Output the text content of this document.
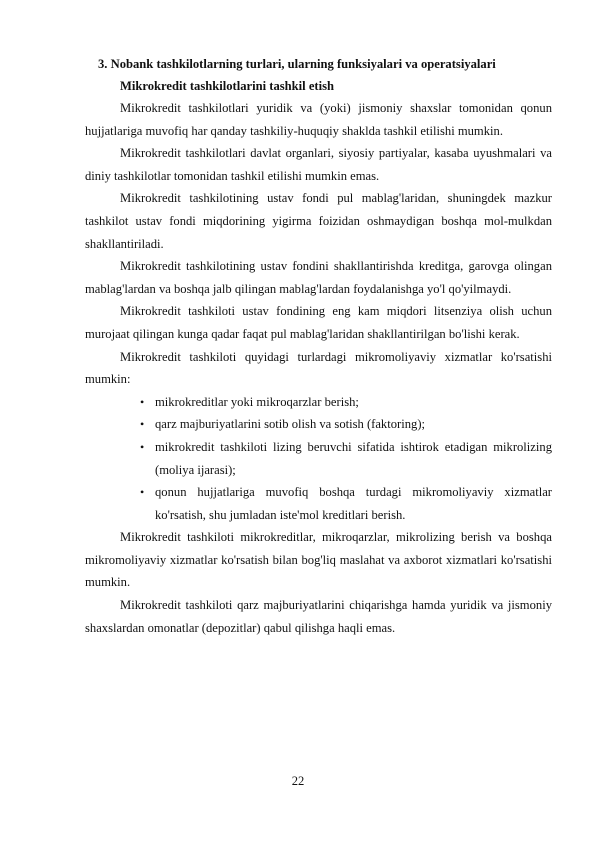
3. Nobank tashkilotlarning turlari, ularning funksiyalari va operatsiyalari
Mikrokredit tashkilotlarini tashkil etish

Mikrokredit tashkilotlari yuridik va (yoki) jismoniy shaxslar tomonidan qonun hujjatlariga muvofiq har qanday tashkiliy-huquqiy shaklda tashkil etilishi mumkin.

Mikrokredit tashkilotlari davlat organlari, siyosiy partiyalar, kasaba uyushmalari va diniy tashkilotlar tomonidan tashkil etilishi mumkin emas.

Mikrokredit tashkilotining ustav fondi pul mablag'laridan, shuningdek mazkur tashkilot ustav fondi miqdorining yigirma foizidan oshmaydigan boshqa mol-mulkdan shakllantiriladi.

Mikrokredit tashkilotining ustav fondini shakllantirishda kreditga, garovga olingan mablag'lardan va boshqa jalb qilingan mablag'lardan foydalanishga yo'l qo'yilmaydi.

Mikrokredit tashkiloti ustav fondining eng kam miqdori litsenziya olish uchun murojaat qilingan kunga qadar faqat pul mablag'laridan shakllantirilgan bo'lishi kerak.

Mikrokredit tashkiloti quyidagi turlardagi mikromoliyaviy xizmatlar ko'rsatishi mumkin:

• mikrokreditlar yoki mikroqarzlar berish;
• qarz majburiyatlarini sotib olish va sotish (faktoring);
• mikrokredit tashkiloti lizing beruvchi sifatida ishtirok etadigan mikrolizing (moliya ijarasi);
• qonun hujjatlariga muvofiq boshqa turdagi mikromoliyaviy xizmatlar ko'rsatish, shu jumladan iste'mol kreditlari berish.

Mikrokredit tashkiloti mikrokreditlar, mikroqarzlar, mikrolizing berish va boshqa mikromoliyaviy xizmatlar ko'rsatish bilan bog'liq maslahat va axborot xizmatlari ko'rsatishi mumkin.

Mikrokredit tashkiloti qarz majburiyatlarini chiqarishga hamda yuridik va jismoniy shaxslardan omonatlar (depozitlar) qabul qilishga haqli emas.

22
